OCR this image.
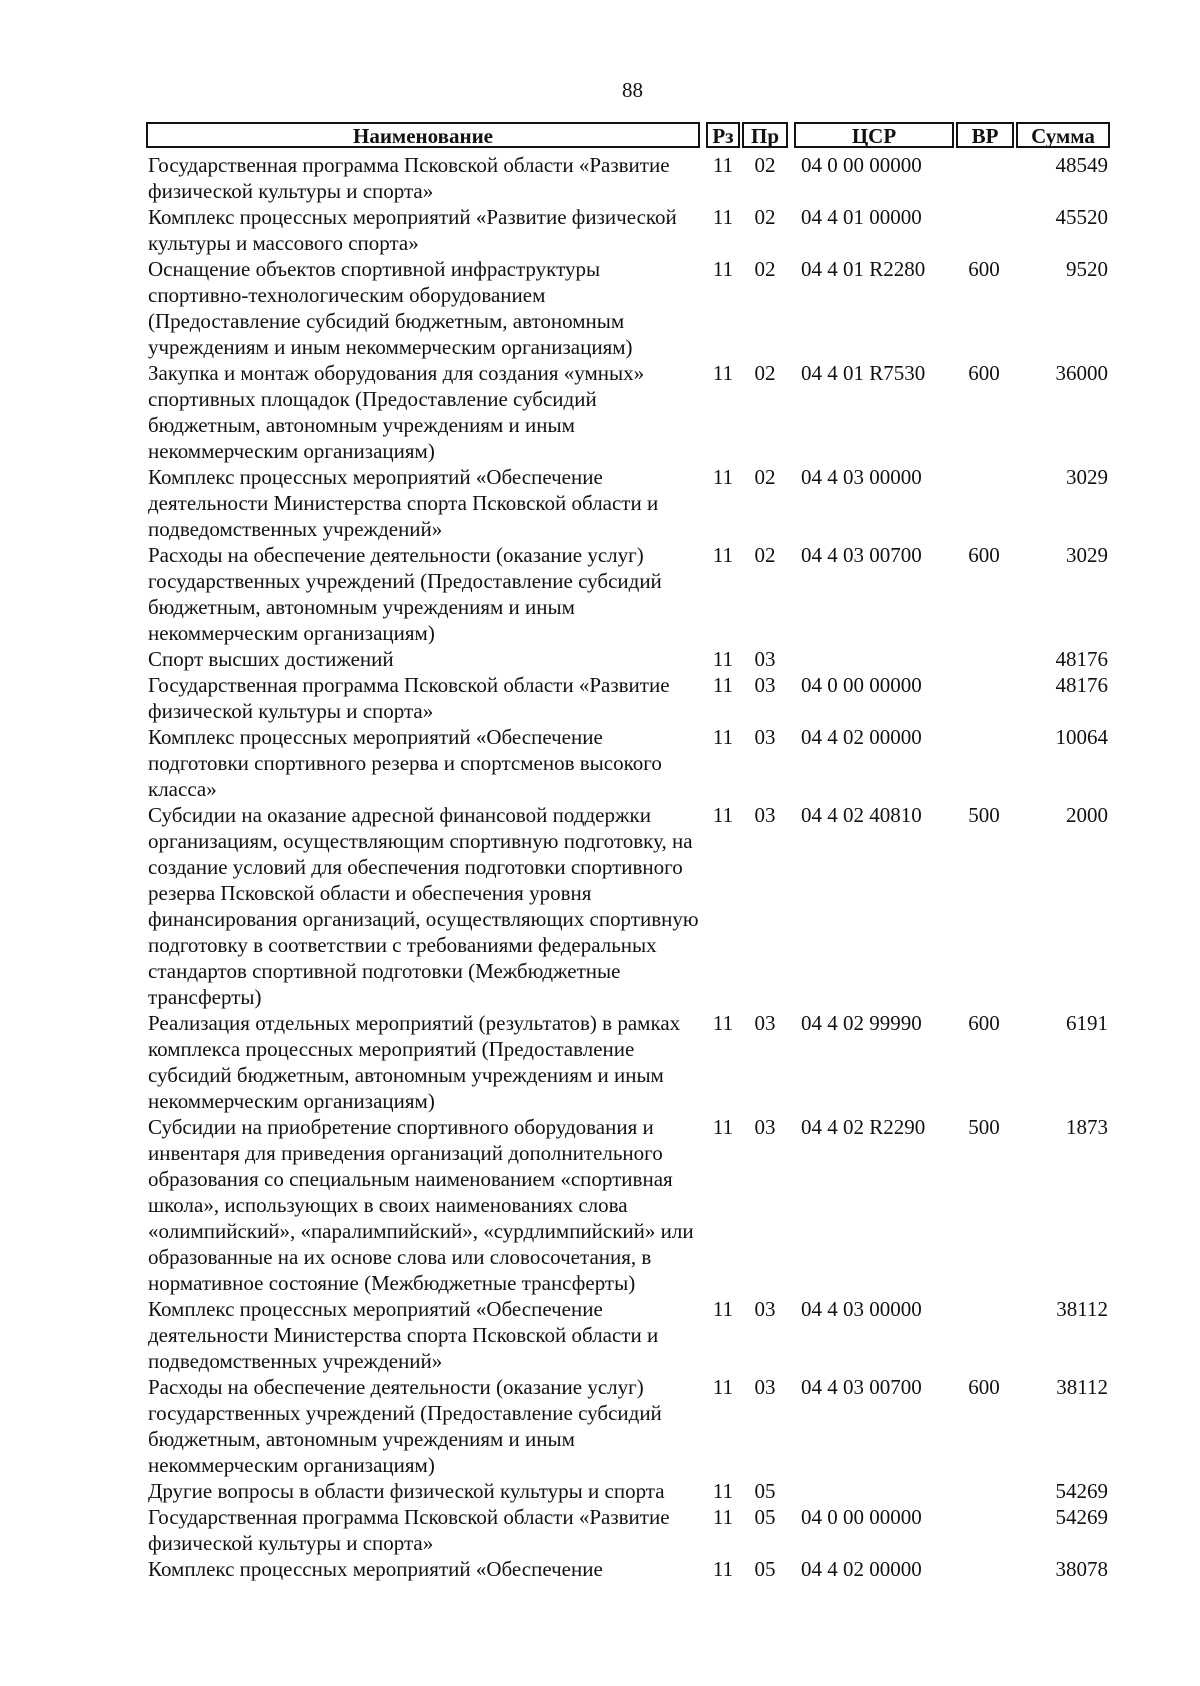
88
Наименование	Рз Пр	ЦСР	ВР	Сумма
Государственная программа Псковской области «Развитие физической культуры и спорта»
11	02	04 0 00 00000	48549
Комплекс процессных мероприятий «Развитие физической культуры и массового спорта»
11	02	04 4 01 00000	45520
Оснащение объектов спортивной инфраструктуры спортивно-технологическим оборудованием (Предоставление субсидий бюджетным, автономным учреждениям и иным некоммерческим организациям)
11	02	04 4 01 R2280	600	9520
Закупка и монтаж оборудования для создания «умных» спортивных площадок (Предоставление субсидий бюджетным, автономным учреждениям и иным некоммерческим организациям)
11	02	04 4 01 R7530	600	36000
Комплекс процессных мероприятий «Обеспечение деятельности Министерства спорта Псковской области и подведомственных учреждений»
11	02	04 4 03 00000	3029
Расходы на обеспечение деятельности (оказание услуг) государственных учреждений (Предоставление субсидий бюджетным, автономным учреждениям и иным некоммерческим организациям)
11	02	04 4 03 00700	600	3029
Спорт высших достижений	11	03	48176
Государственная программа Псковской области «Развитие физической культуры и спорта»
11	03	04 0 00 00000	48176
Комплекс процессных мероприятий «Обеспечение подготовки спортивного резерва и спортсменов высокого класса»
11	03	04 4 02 00000	10064
Субсидии на оказание адресной финансовой поддержки организациям, осуществляющим спортивную подготовку, на создание условий для обеспечения подготовки спортивного резерва Псковской области и обеспечения уровня финансирования организаций, осуществляющих спортивную подготовку в соответствии с требованиями федеральных стандартов спортивной подготовки (Межбюджетные трансферты)
11	03	04 4 02 40810	500	2000
Реализация отдельных мероприятий (результатов) в рамках комплекса процессных мероприятий (Предоставление субсидий бюджетным, автономным учреждениям и иным некоммерческим организациям)
11	03	04 4 02 99990	600	6191
Субсидии на приобретение спортивного оборудования и инвентаря для приведения организаций дополнительного образования со специальным наименованием «спортивная школа», использующих в своих наименованиях слова «олимпийский», «паралимпийский», «сурдлимпийский» или образованные на их основе слова или словосочетания, в нормативное состояние (Межбюджетные трансферты)
11	03	04 4 02 R2290	500	1873
Комплекс процессных мероприятий «Обеспечение деятельности Министерства спорта Псковской области и подведомственных учреждений»
11	03	04 4 03 00000	38112
Расходы на обеспечение деятельности (оказание услуг) государственных учреждений (Предоставление субсидий бюджетным, автономным учреждениям и иным некоммерческим организациям)
11	03	04 4 03 00700	600	38112
Другие вопросы в области физической культуры и спорта	11	05	54269
Государственная программа Псковской области «Развитие физической культуры и спорта»
11	05	04 0 00 00000	54269
Комплекс процессных мероприятий «Обеспечение	11	05	04 4 02 00000	38078
